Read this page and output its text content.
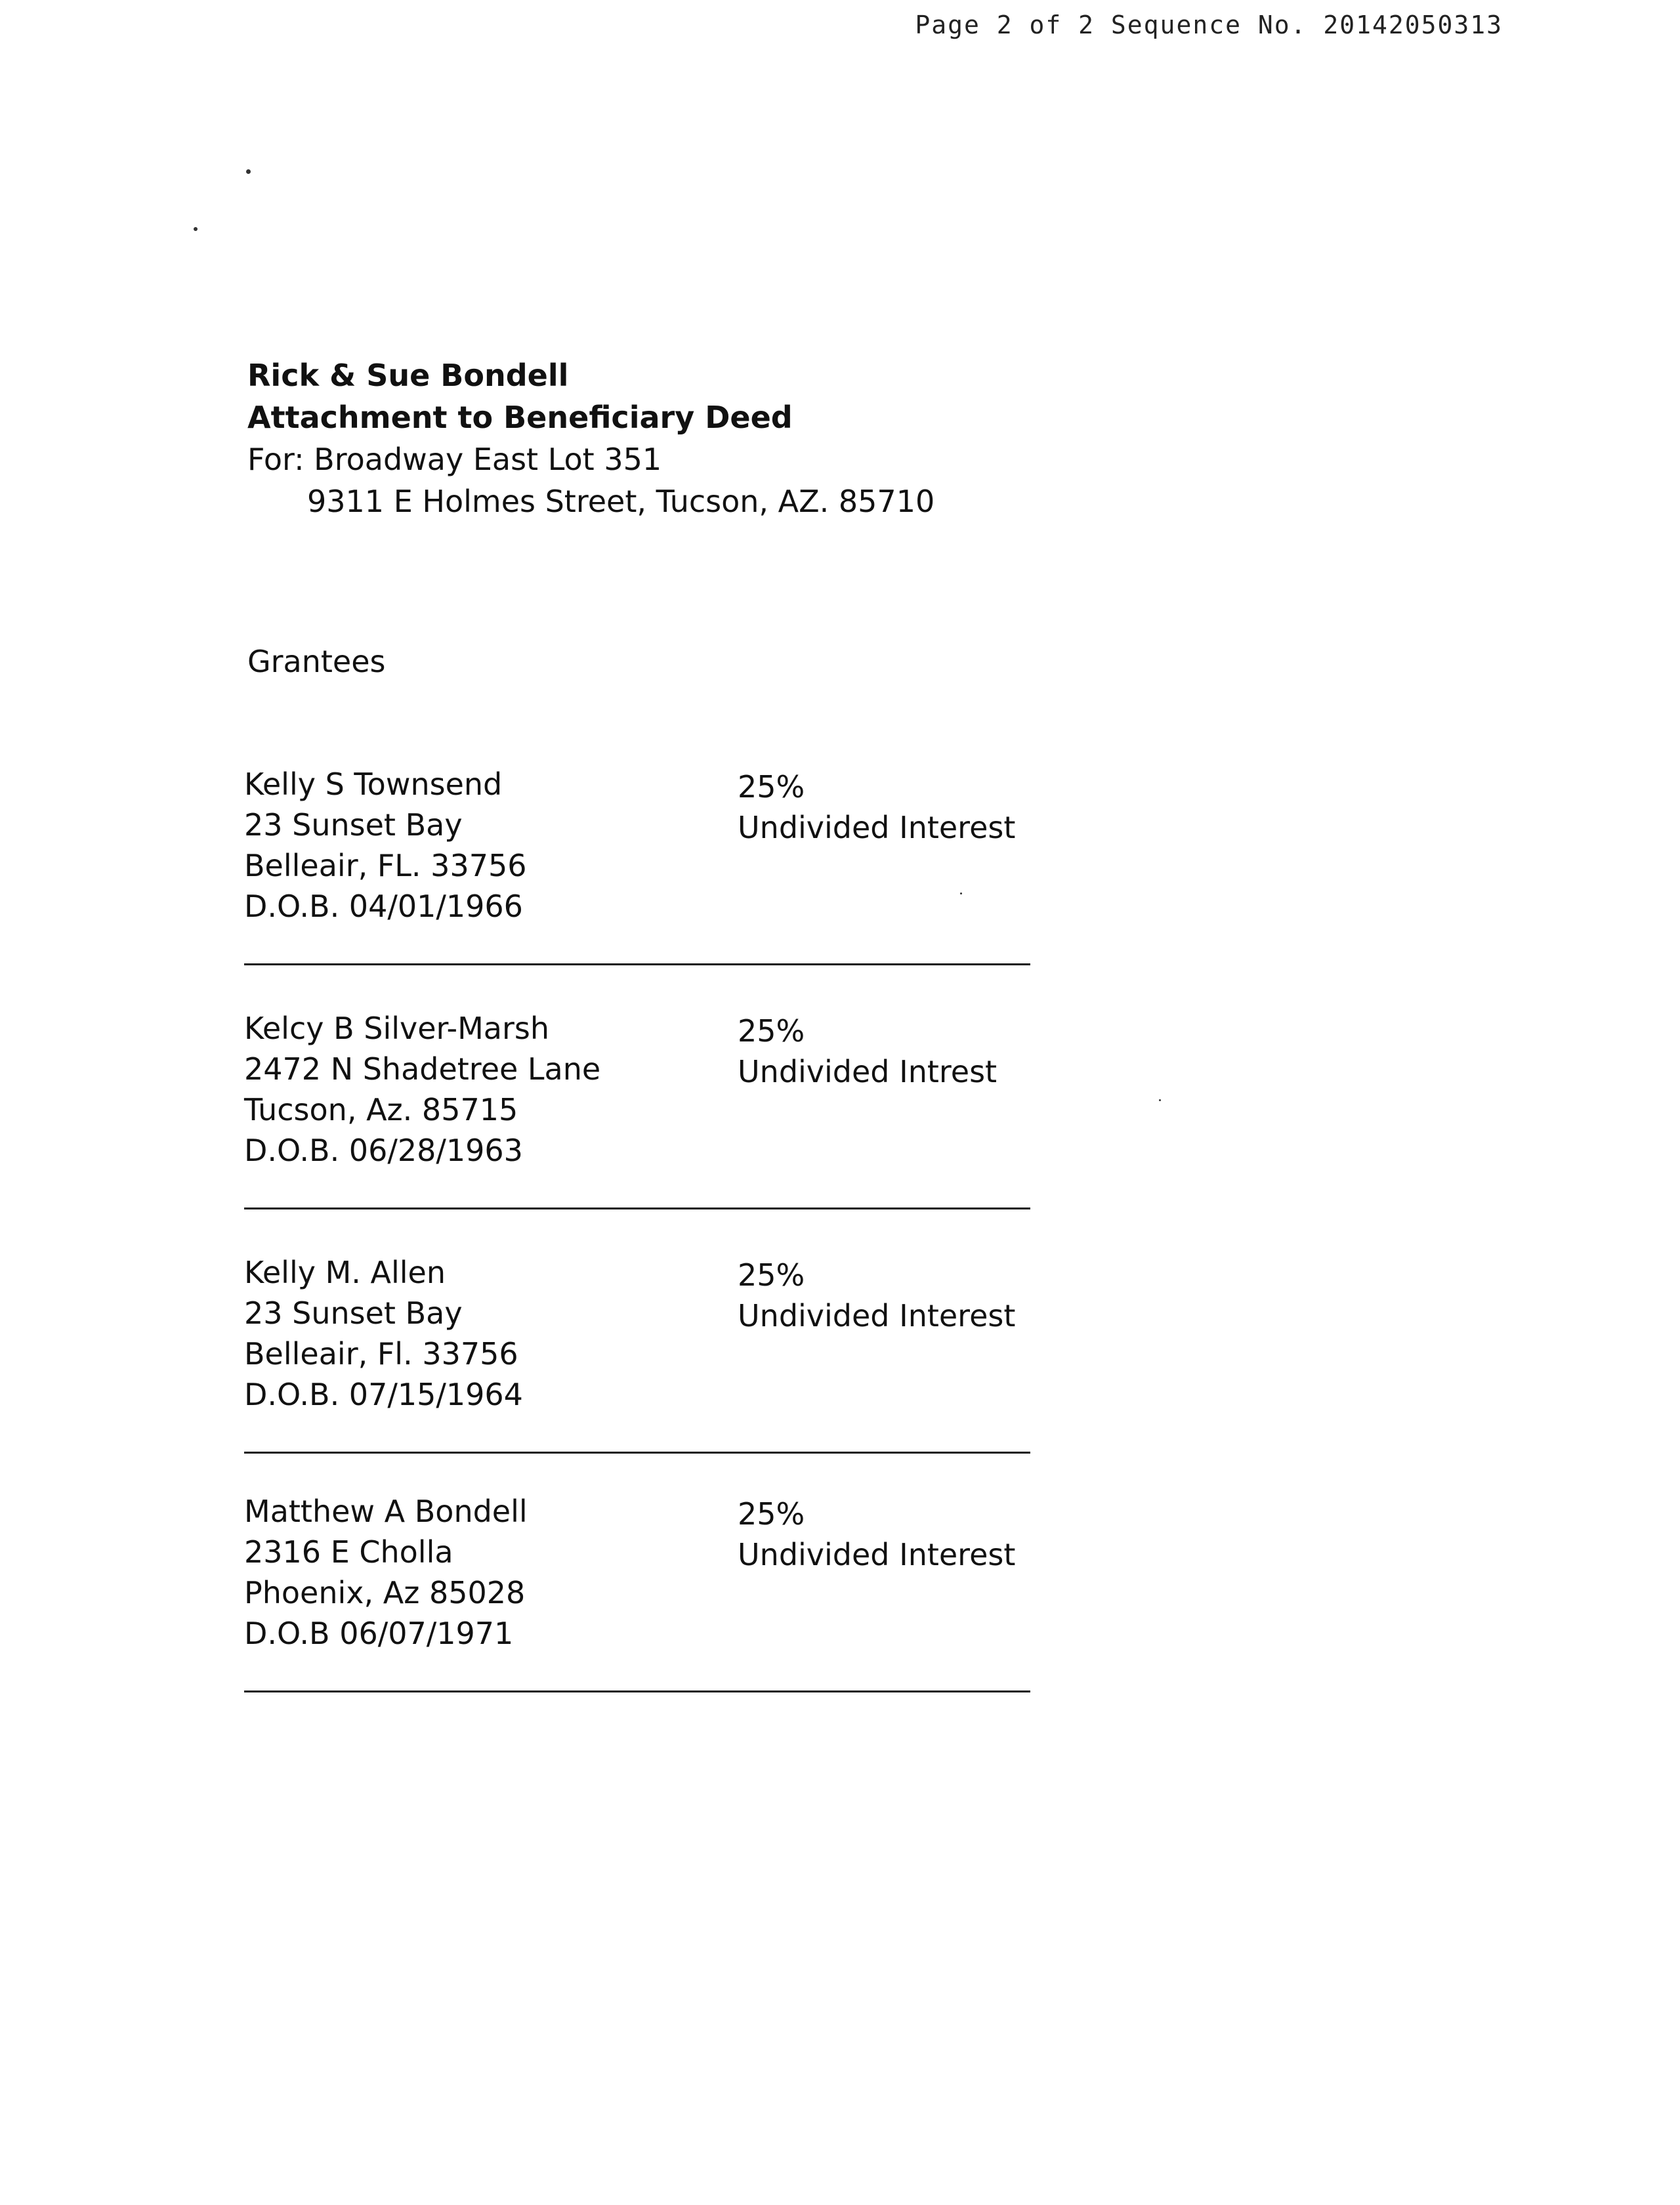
Page 2 of 2 Sequence No. 20142050313
Rick & Sue Bondell
Attachment to Beneficiary Deed
For: Broadway East Lot 351
9311 E Holmes Street, Tucson, AZ. 85710
Grantees
Kelly S Townsend
23 Sunset Bay
Belleair, FL. 33756
D.O.B. 04/01/1966
25%
Undivided Interest
Kelcy B Silver-Marsh
2472 N Shadetree Lane
Tucson, Az. 85715
D.O.B. 06/28/1963
25%
Undivided Intrest
Kelly M. Allen
23 Sunset Bay
Belleair, Fl. 33756
D.O.B. 07/15/1964
25%
Undivided Interest
Matthew A Bondell
2316 E Cholla
Phoenix, Az 85028
D.O.B 06/07/1971
25%
Undivided Interest
